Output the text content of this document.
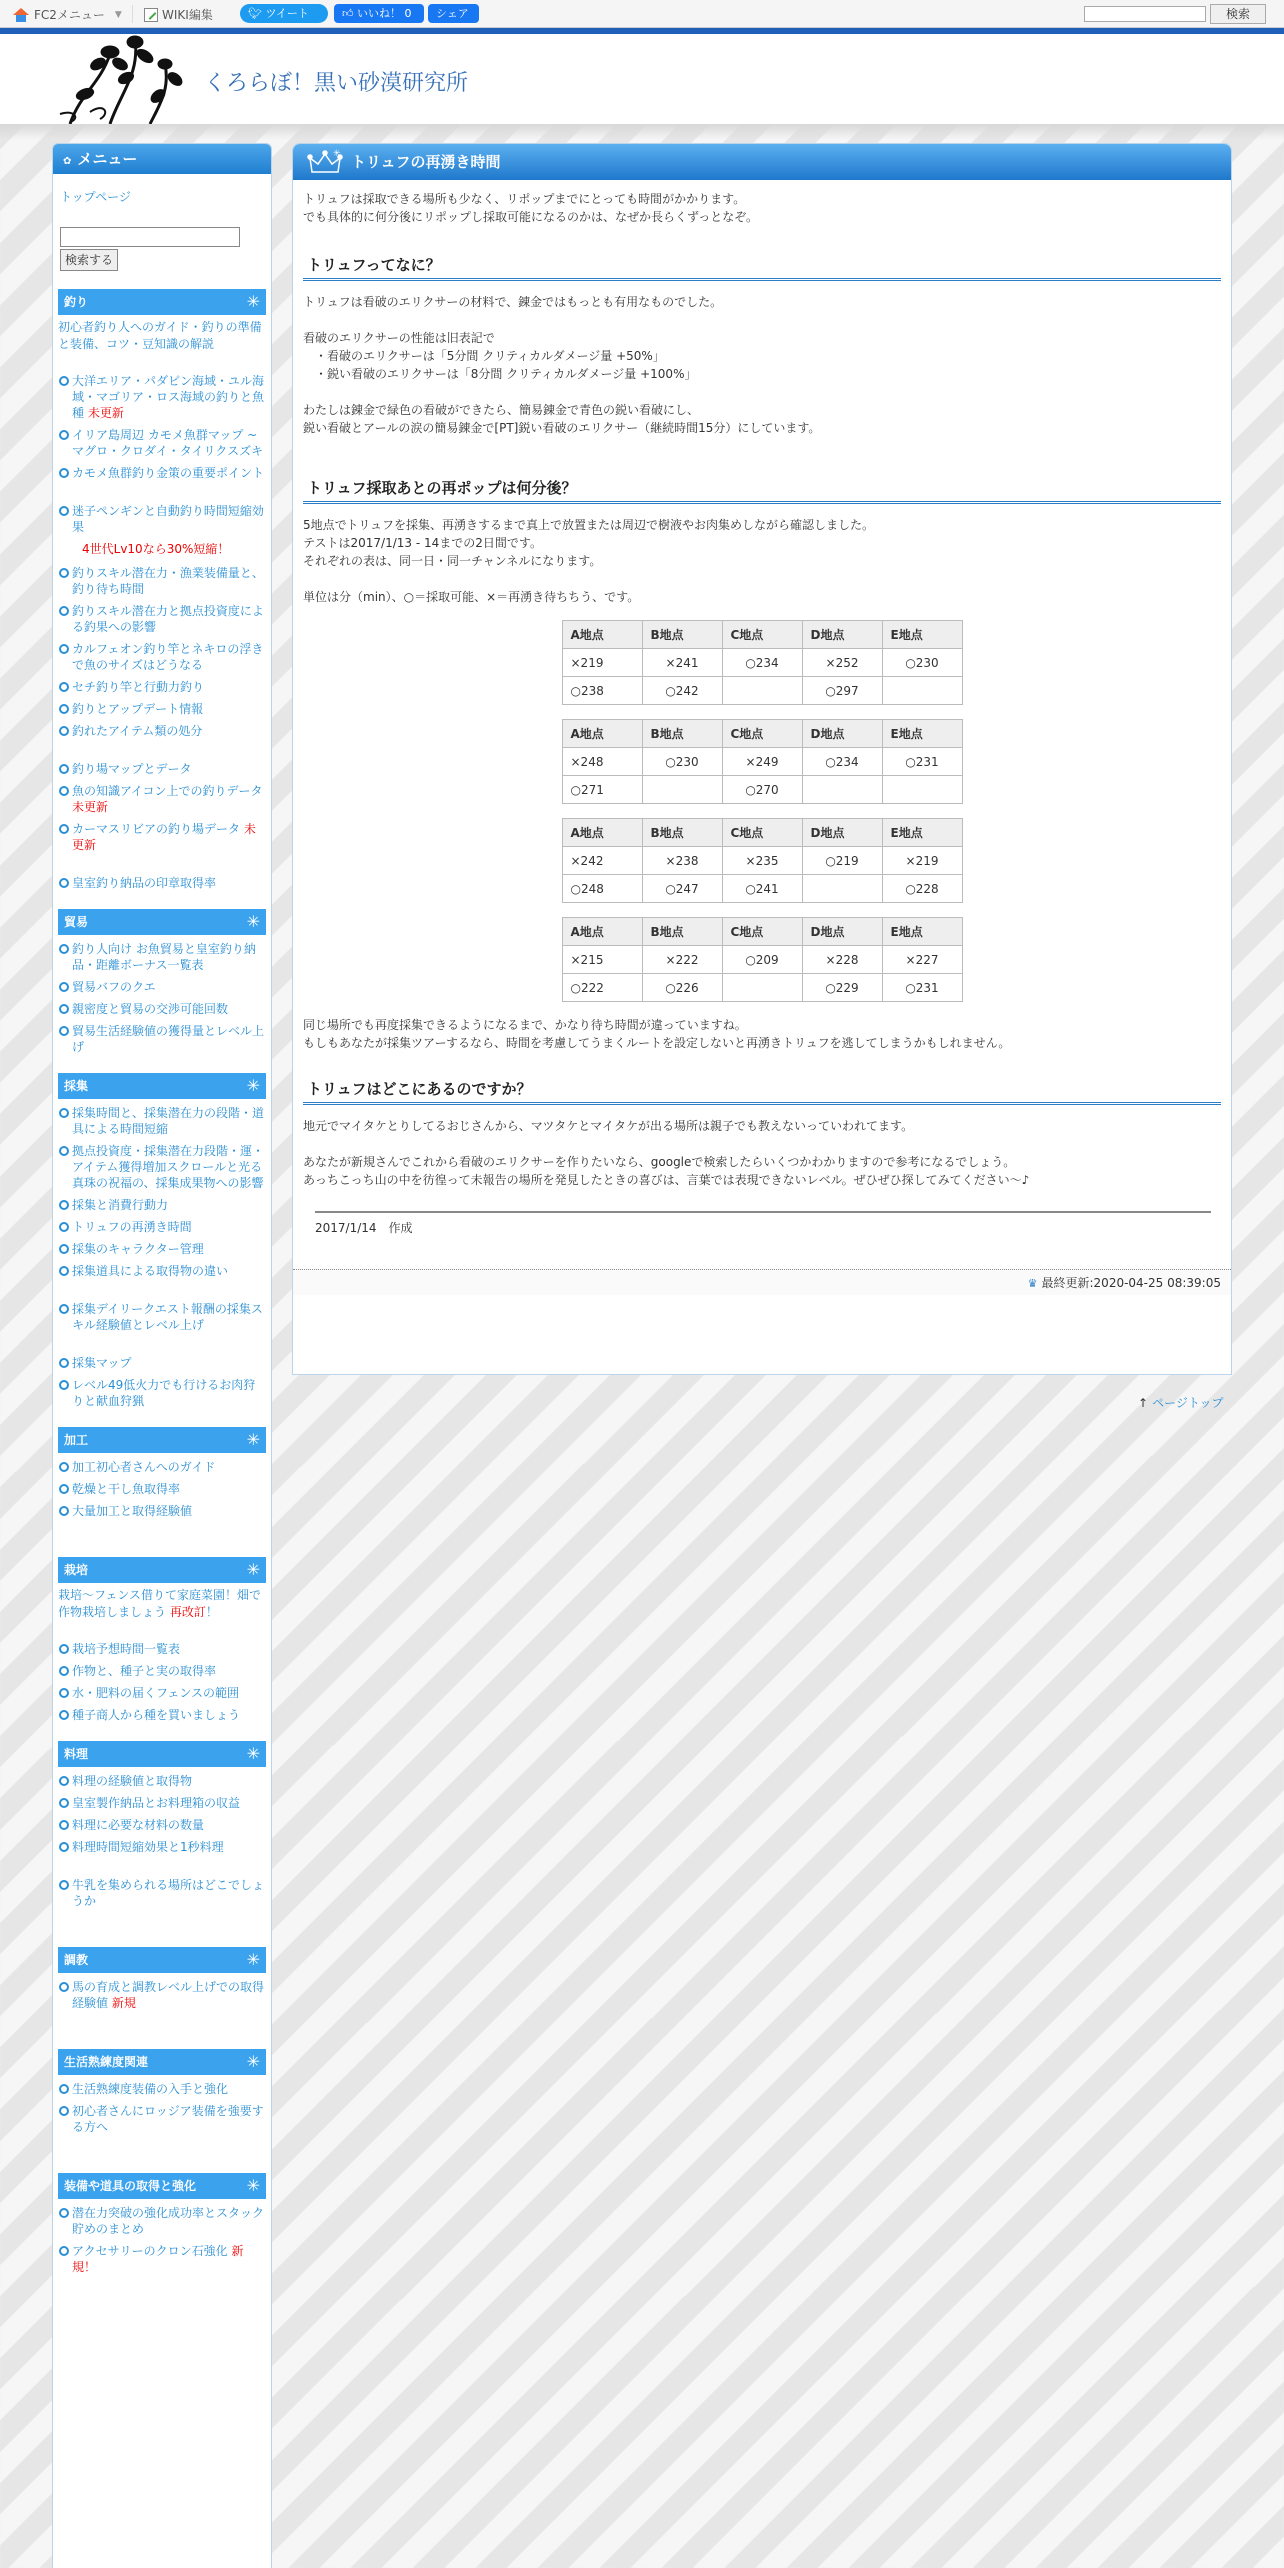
FC2メニュー ▼	WIKI編集	🐦︎ ツイート	👍︎ いいね！ 0	シェア	検索
くろらぼ！黒い砂漠研究所
✿ メニュー
トップページ
検索する
釣り	✳
初心者釣り人へのガイド・釣りの準備と装備、コツ・豆知識の解説
大洋エリア・パダピン海域・ユル海域・マゴリア・ロス海域の釣りと魚種 未更新
イリア島周辺 カモメ魚群マップ ~マグロ・クロダイ・タイリクスズキ
カモメ魚群釣り金策の重要ポイント
迷子ペンギンと自動釣り時間短縮効果
4世代Lv10なら30%短縮！
釣りスキル潜在力・漁業装備量と、釣り待ち時間
釣りスキル潜在力と拠点投資度による釣果への影響
カルフェオン釣り竿とネキロの浮きで魚のサイズはどうなる
セチ釣り竿と行動力釣り
釣りとアップデート情報
釣れたアイテム類の処分
釣り場マップとデータ
魚の知識アイコン上での釣りデータ 未更新
カーマスリビアの釣り場データ 未更新
皇室釣り納品の印章取得率
貿易	✳
釣り人向け お魚貿易と皇室釣り納品・距離ボーナス一覧表
貿易バフのクエ
親密度と貿易の交渉可能回数
貿易生活経験値の獲得量とレベル上げ
採集	✳
採集時間と、採集潜在力の段階・道具による時間短縮
拠点投資度・採集潜在力段階・運・アイテム獲得増加スクロールと光る真珠の祝福の、採集成果物への影響
採集と消費行動力
トリュフの再湧き時間
採集のキャラクター管理
採集道具による取得物の違い
採集デイリークエスト報酬の採集スキル経験値とレベル上げ
採集マップ
レベル49低火力でも行けるお肉狩りと献血狩猟
加工	✳
加工初心者さんへのガイド
乾燥と干し魚取得率
大量加工と取得経験値
栽培	✳
栽培～フェンス借りて家庭菜園！畑で作物栽培しましょう 再改訂！
栽培予想時間一覧表
作物と、種子と実の取得率
水・肥料の届くフェンスの範囲
種子商人から種を買いましょう
料理	✳
料理の経験値と取得物
皇室製作納品とお料理箱の収益
料理に必要な材料の数量
料理時間短縮効果と1秒料理
牛乳を集められる場所はどこでしょうか
調教	✳
馬の育成と調教レベル上げでの取得経験値 新規
生活熟練度関連	✳
生活熟練度装備の入手と強化
初心者さんにロッジア装備を強要する方へ
装備や道具の取得と強化	✳
潜在力突破の強化成功率とスタック貯めのまとめ
アクセサリーのクロン石強化 新規！
✳ トリュフの再湧き時間

トリュフは採取できる場所も少なく、リポップまでにとっても時間がかかります。

でも具体的に何分後にリポップし採取可能になるのかは、なぜか長らくずっとなぞ。

トリュフってなに？

トリュフは看破のエリクサーの材料で、錬金ではもっとも有用なものでした。

看破のエリクサーの性能は旧表記で

　・看破のエリクサーは「5分間 クリティカルダメージ量 +50%」

　・鋭い看破のエリクサーは「8分間 クリティカルダメージ量 +100%」

わたしは錬金で緑色の看破ができたら、簡易錬金で青色の鋭い看破にし、

鋭い看破とアールの涙の簡易錬金で[PT]鋭い看破のエリクサー（継続時間15分）にしています。

トリュフ採取あとの再ポップは何分後？

5地点でトリュフを採集、再湧きするまで真上で放置または周辺で樹液やお肉集めしながら確認しました。

テストは2017/1/13 - 14までの2日間です。

それぞれの表は、同一日・同一チャンネルになります。

単位は分（min）、○＝採取可能、×＝再湧き待ちちう、です。

A地点	B地点	C地点	D地点	E地点
×219	×241	○234	×252	○230
○238	○242		○297	
A地点	B地点	C地点	D地点	E地点
×248	○230	×249	○234	○231
○271		○270		
A地点	B地点	C地点	D地点	E地点
×242	×238	×235	○219	×219
○248	○247	○241		○228
A地点	B地点	C地点	D地点	E地点
×215	×222	○209	×228	×227
○222	○226		○229	○231

同じ場所でも再度採集できるようになるまで、かなり待ち時間が違っていますね。

もしもあなたが採集ツアーするなら、時間を考慮してうまくルートを設定しないと再湧きトリュフを逃してしまうかもしれません。

トリュフはどこにあるのですか？

地元でマイタケとりしてるおじさんから、マツタケとマイタケが出る場所は親子でも教えないっていわれてます。

あなたが新規さんでこれから看破のエリクサーを作りたいなら、googleで検索したらいくつかわかりますので参考になるでしょう。

あっちこっち山の中を彷徨って未報告の場所を発見したときの喜びは、言葉では表現できないレベル。ぜひぜひ探してみてください～♪

2017/1/14　作成
♛ 最終更新:2020-04-25 08:39:05
↑ ページトップ
